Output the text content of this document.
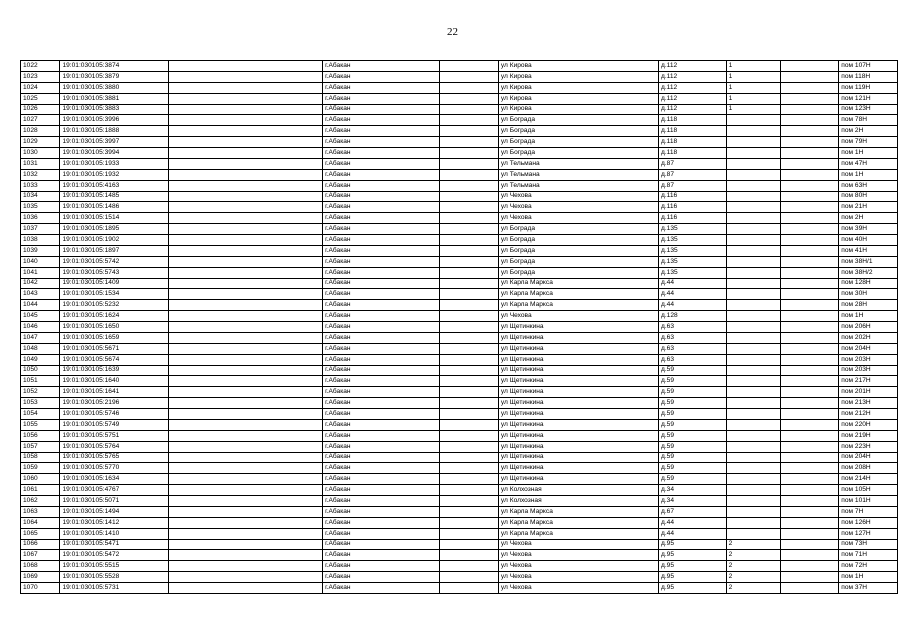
22
1022	19:01:030105:3874		г.Абакан		ул Кирова	д.112	1		пом 107Н
1023	19:01:030105:3879		г.Абакан		ул Кирова	д.112	1		пом 118Н
1024	19:01:030105:3880		г.Абакан		ул Кирова	д.112	1		пом 119Н
1025	19:01:030105:3881		г.Абакан		ул Кирова	д.112	1		пом 121Н
1026	19:01:030105:3883		г.Абакан		ул Кирова	д.112	1		пом 123Н
1027	19:01:030105:3996		г.Абакан		ул Бограда	д.118			пом 78Н
1028	19:01:030105:1888		г.Абакан		ул Бограда	д.118			пом 2Н
1029	19:01:030105:3997		г.Абакан		ул Бограда	д.118			пом 79Н
1030	19:01:030105:3994		г.Абакан		ул Бограда	д.118			пом 1Н
1031	19:01:030105:1933		г.Абакан		ул Тельмана	д.87			пом 47Н
1032	19:01:030105:1932		г.Абакан		ул Тельмана	д.87			пом 1Н
1033	19:01:030105:4163		г.Абакан		ул Тельмана	д.87			пом 63Н
1034	19:01:030105:1485		г.Абакан		ул Чехова	д.116			пом 80Н
1035	19:01:030105:1486		г.Абакан		ул Чехова	д.116			пом 21Н
1036	19:01:030105:1514		г.Абакан		ул Чехова	д.116			пом 2Н
1037	19:01:030105:1895		г.Абакан		ул Бограда	д.135			пом 39Н
1038	19:01:030105:1902		г.Абакан		ул Бограда	д.135			пом 40Н
1039	19:01:030105:1897		г.Абакан		ул Бограда	д.135			пом 41Н
1040	19:01:030105:5742		г.Абакан		ул Бограда	д.135			пом 38Н/1
1041	19:01:030105:5743		г.Абакан		ул Бограда	д.135			пом 38Н/2
1042	19:01:030105:1409		г.Абакан		ул Карла Маркса	д.44			пом 128Н
1043	19:01:030105:1534		г.Абакан		ул Карла Маркса	д.44			пом 30Н
1044	19:01:030105:5232		г.Абакан		ул Карла Маркса	д.44			пом 28Н
1045	19:01:030105:1624		г.Абакан		ул Чехова	д.128			пом 1Н
1046	19:01:030105:1650		г.Абакан		ул Щетинкина	д.63			пом 206Н
1047	19:01:030105:1659		г.Абакан		ул Щетинкина	д.63			пом 202Н
1048	19:01:030105:5671		г.Абакан		ул Щетинкина	д.63			пом 204Н
1049	19:01:030105:5674		г.Абакан		ул Щетинкина	д.63			пом 203Н
1050	19:01:030105:1639		г.Абакан		ул Щетинкина	д.59			пом 203Н
1051	19:01:030105:1640		г.Абакан		ул Щетинкина	д.59			пом 217Н
1052	19:01:030105:1641		г.Абакан		ул Щетинкина	д.59			пом 201Н
1053	19:01:030105:2196		г.Абакан		ул Щетинкина	д.59			пом 213Н
1054	19:01:030105:5746		г.Абакан		ул Щетинкина	д.59			пом 212Н
1055	19:01:030105:5749		г.Абакан		ул Щетинкина	д.59			пом 220Н
1056	19:01:030105:5751		г.Абакан		ул Щетинкина	д.59			пом 219Н
1057	19:01:030105:5764		г.Абакан		ул Щетинкина	д.59			пом 223Н
1058	19:01:030105:5765		г.Абакан		ул Щетинкина	д.59			пом 204Н
1059	19:01:030105:5770		г.Абакан		ул Щетинкина	д.59			пом 208Н
1060	19:01:030105:1634		г.Абакан		ул Щетинкина	д.59			пом 214Н
1061	19:01:030105:4767		г.Абакан		ул Колхозная	д.34			пом 105Н
1062	19:01:030105:5071		г.Абакан		ул Колхозная	д.34			пом 101Н
1063	19:01:030105:1494		г.Абакан		ул Карла Маркса	д.67			пом 7Н
1064	19:01:030105:1412		г.Абакан		ул Карла Маркса	д.44			пом 126Н
1065	19:01:030105:1410		г.Абакан		ул Карла Маркса	д.44			пом 127Н
1066	19:01:030105:5471		г.Абакан		ул Чехова	д.95	2		пом 73Н
1067	19:01:030105:5472		г.Абакан		ул Чехова	д.95	2		пом 71Н
1068	19:01:030105:5515		г.Абакан		ул Чехова	д.95	2		пом 72Н
1069	19:01:030105:5528		г.Абакан		ул Чехова	д.95	2		пом 1Н
1070	19:01:030105:5731		г.Абакан		ул Чехова	д.95	2		пом 37Н
